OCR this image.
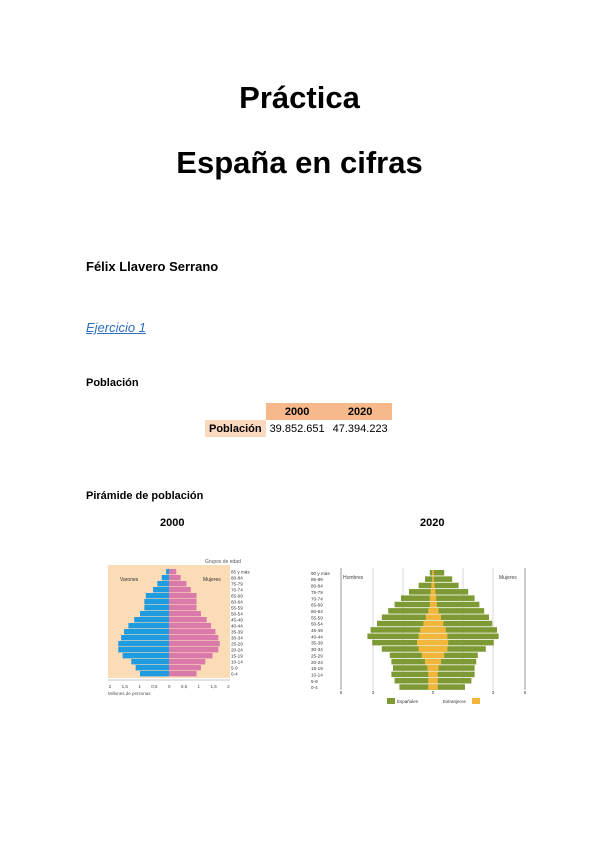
Práctica
España en cifras
Félix Llavero Serrano
Ejercicio 1
Población
	2000	2020
Población	39.852.651	47.394.223
Pirámide de población
2000	2020
Grupos de edad
Varones	Mujeres
85 y más
80-84
75-79
70-74
65-69
60-64
55-59
50-54
45-49
40-44
35-39
30-34
25-29
20-24
15-19
10-14
5-9
0-4
2 1,5 1 0,5 0 0,5 1 1,5 2
Millones de personas
Hombres	Mujeres
90 y más
85-89
80-84
75-79
70-74
65-69
60-64
55-59
50-54
45-49
40-44
35-39
30-34
25-29
20-24
15-19
10-14
5-9
0-4
6	3	0	3	6
Españoles	Extranjeros
